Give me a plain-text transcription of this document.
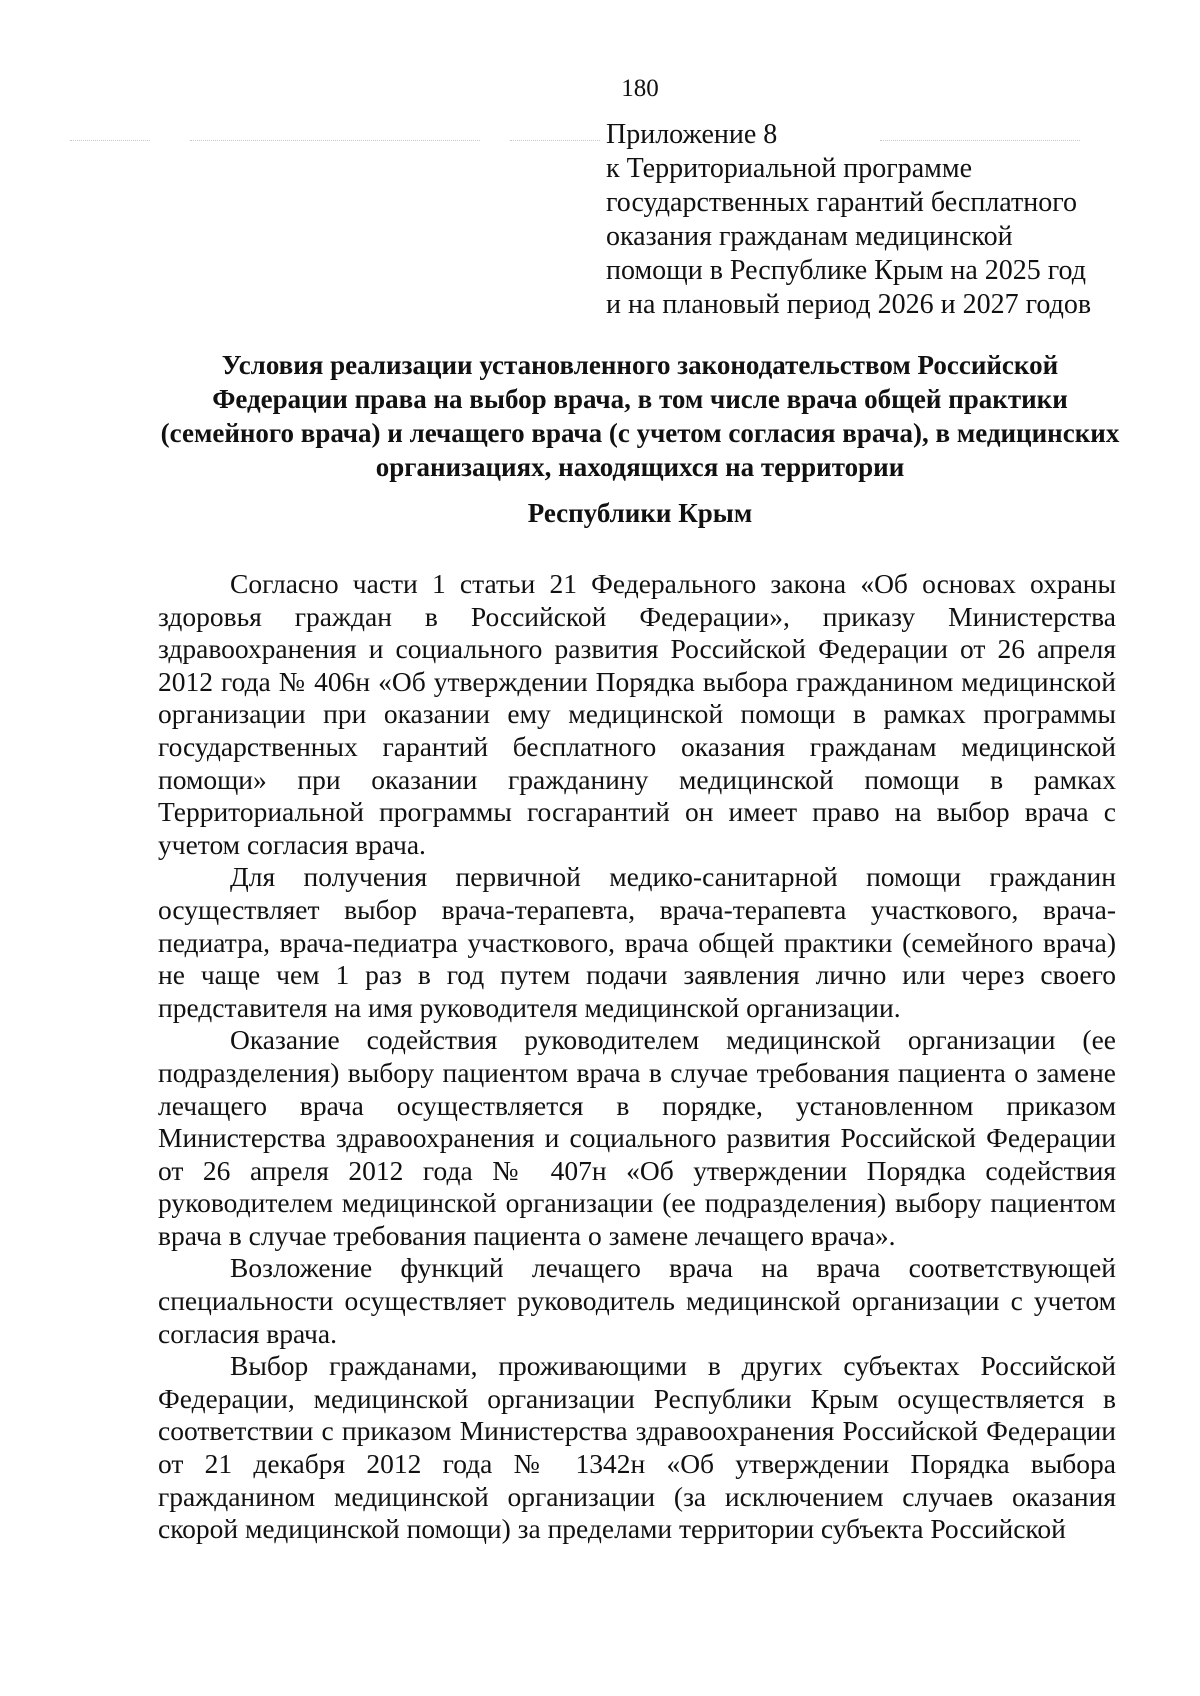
180
Приложение 8
к Территориальной программе
государственных гарантий бесплатного
оказания гражданам медицинской
помощи в Республике Крым на 2025 год
и на плановый период 2026 и 2027 годов
Условия реализации установленного законодательством Российской Федерации права на выбор врача, в том числе врача общей практики (семейного врача) и лечащего врача (с учетом согласия врача), в медицинских организациях, находящихся на территории
Республики Крым

Согласно части 1 статьи 21 Федерального закона «Об основах охраны здоровья граждан в Российской Федерации», приказу Министерства здравоохранения и социального развития Российской Федерации от 26 апреля 2012 года № 406н «Об утверждении Порядка выбора гражданином медицинской организации при оказании ему медицинской помощи в рамках программы государственных гарантий бесплатного оказания гражданам медицинской помощи» при оказании гражданину медицинской помощи в рамках Территориальной программы госгарантий он имеет право на выбор врача с учетом согласия врача.

Для получения первичной медико-санитарной помощи гражданин осуществляет выбор врача-терапевта, врача-терапевта участкового, врача-педиатра, врача-педиатра участкового, врача общей практики (семейного врача) не чаще чем 1 раз в год путем подачи заявления лично или через своего представителя на имя руководителя медицинской организации.

Оказание содействия руководителем медицинской организации (ее подразделения) выбору пациентом врача в случае требования пациента о замене лечащего врача осуществляется в порядке, установленном приказом Министерства здравоохранения и социального развития Российской Федерации от 26 апреля 2012 года № 407н «Об утверждении Порядка содействия руководителем медицинской организации (ее подразделения) выбору пациентом врача в случае требования пациента о замене лечащего врача».

Возложение функций лечащего врача на врача соответствующей специальности осуществляет руководитель медицинской организации с учетом согласия врача.

Выбор гражданами, проживающими в других субъектах Российской Федерации, медицинской организации Республики Крым осуществляется в соответствии с приказом Министерства здравоохранения Российской Федерации от 21 декабря 2012 года № 1342н «Об утверждении Порядка выбора гражданином медицинской организации (за исключением случаев оказания скорой медицинской помощи) за пределами территории субъекта Российской
